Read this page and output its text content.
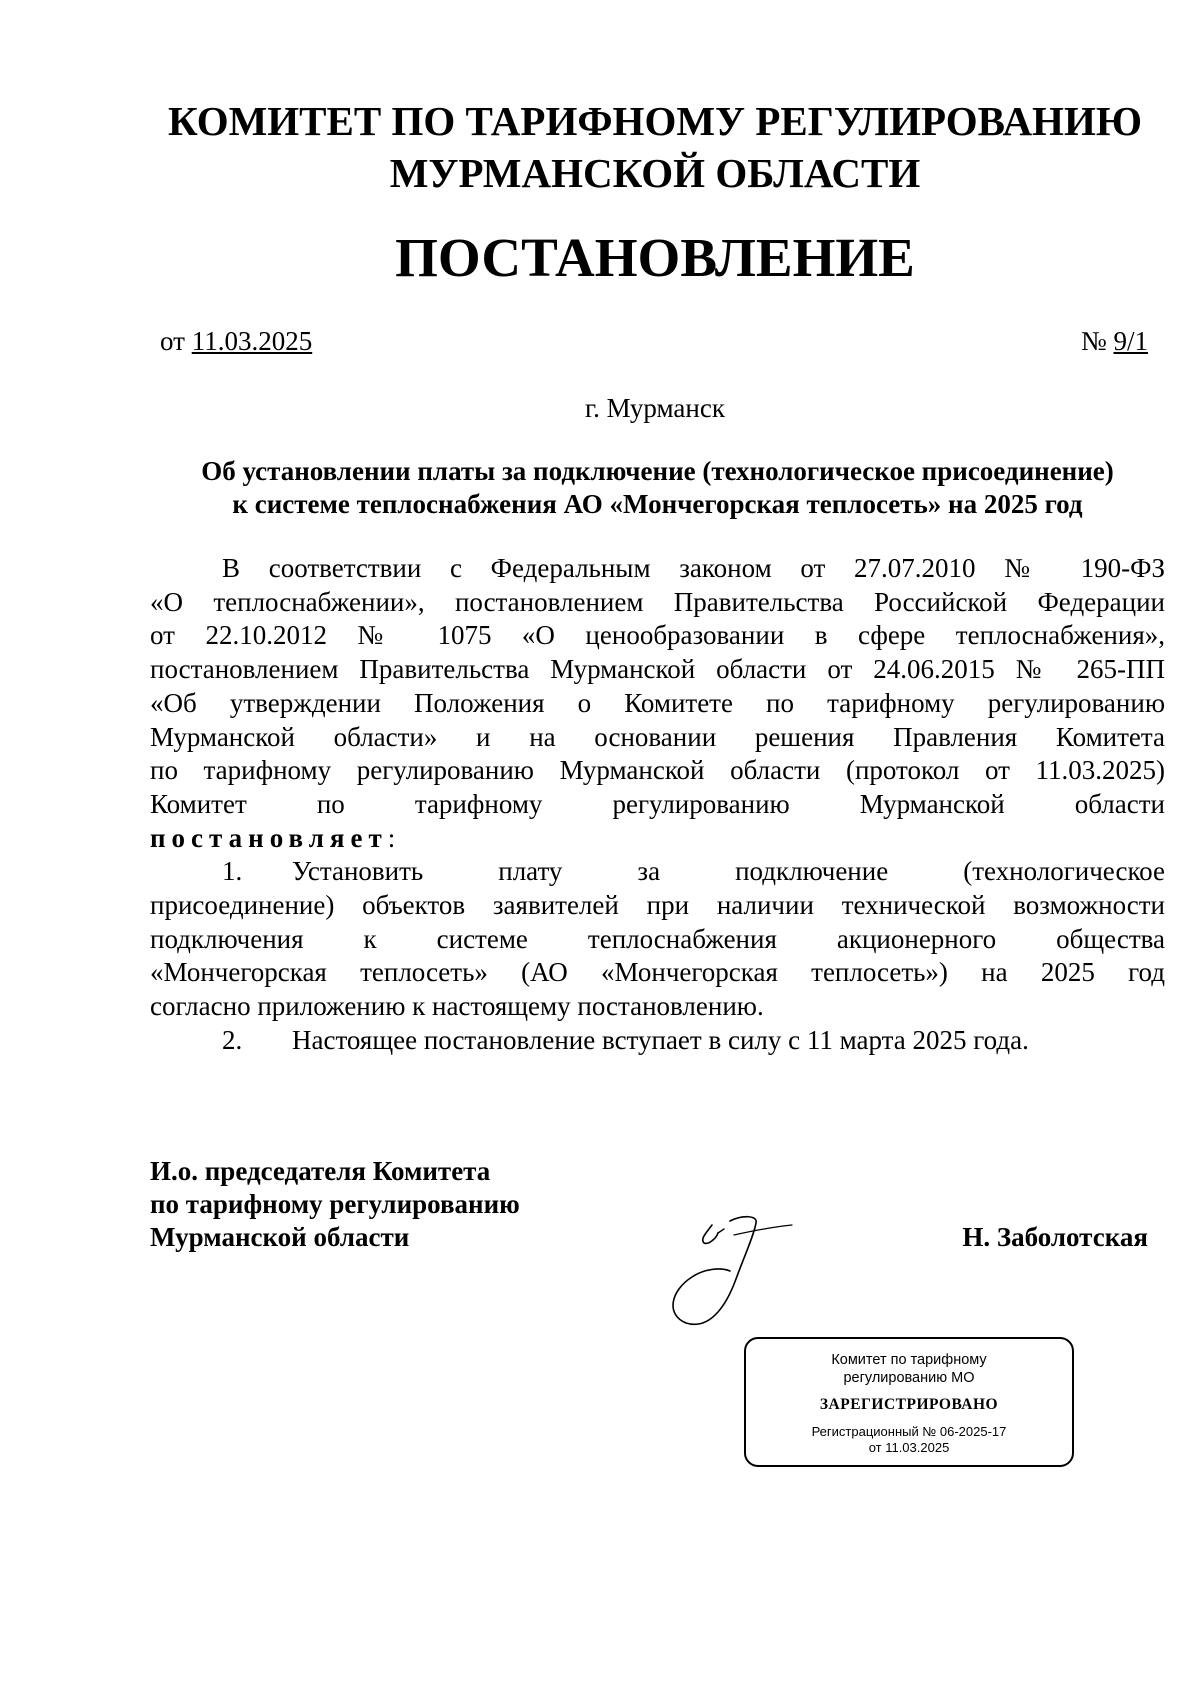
КОМИТЕТ ПО ТАРИФНОМУ РЕГУЛИРОВАНИЮ
МУРМАНСКОЙ ОБЛАСТИ
ПОСТАНОВЛЕНИЕ
от 11.03.2025	№ 9/1
г. Мурманск
Об установлении платы за подключение (технологическое присоединение)
к системе теплоснабжения АО «Мончегорская теплосеть» на 2025 год
В соответствии с Федеральным законом от 27.07.2010 № 190-ФЗ
«О теплоснабжении», постановлением Правительства Российской Федерации
от 22.10.2012 № 1075 «О ценообразовании в сфере теплоснабжения»,
постановлением Правительства Мурманской области от 24.06.2015 № 265-ПП
«Об утверждении Положения о Комитете по тарифному регулированию
Мурманской области» и на основании решения Правления Комитета
по тарифному регулированию Мурманской области (протокол от 11.03.2025)
Комитет по тарифному регулированию Мурманской области
постановляет:
1. Установить плату за подключение (технологическое
присоединение) объектов заявителей при наличии технической возможности
подключения к системе теплоснабжения акционерного общества
«Мончегорская теплосеть» (АО «Мончегорская теплосеть») на 2025 год
согласно приложению к настоящему постановлению.
2. Настоящее постановление вступает в силу с 11 марта 2025 года.
И.о. председателя Комитета
по тарифному регулированию
Мурманской области	Н. Заболотская
Комитет по тарифному
регулированию МО
ЗАРЕГИСТРИРОВАНО
Регистрационный № 06-2025-17
от 11.03.2025
